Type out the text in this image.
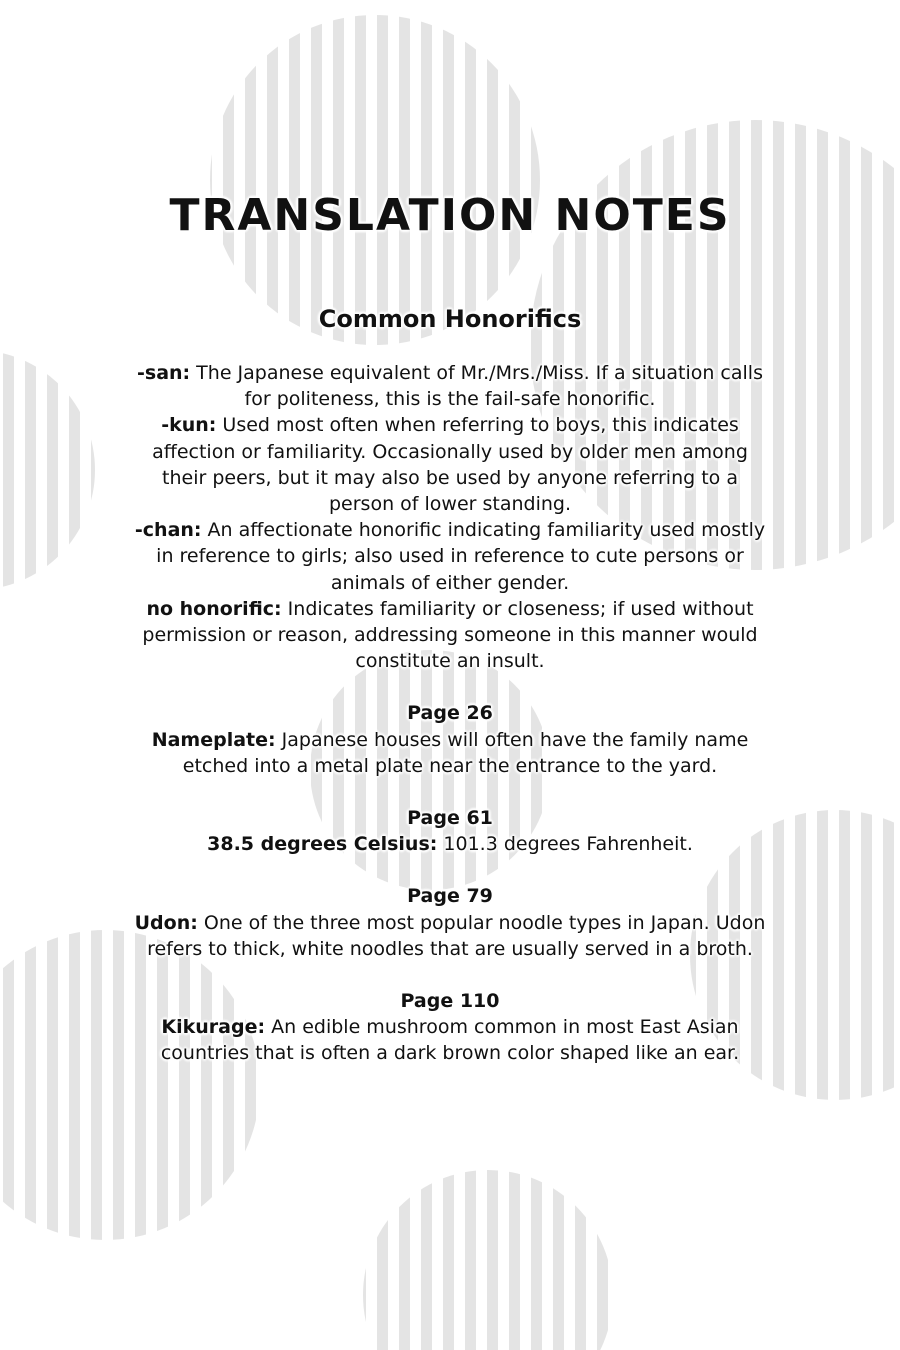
TRANSLATION NOTES
Common Honorifics

-san: The Japanese equivalent of Mr./Mrs./Miss. If a situation calls for politeness, this is the fail-safe honorific.

-kun: Used most often when referring to boys, this indicates affection or familiarity. Occasionally used by older men among their peers, but it may also be used by anyone referring to a person of lower standing.

-chan: An affectionate honorific indicating familiarity used mostly in reference to girls; also used in reference to cute persons or animals of either gender.

no honorific: Indicates familiarity or closeness; if used without permission or reason, addressing someone in this manner would constitute an insult.

Page 26

Nameplate: Japanese houses will often have the family name etched into a metal plate near the entrance to the yard.

Page 61

38.5 degrees Celsius: 101.3 degrees Fahrenheit.

Page 79

Udon: One of the three most popular noodle types in Japan. Udon refers to thick, white noodles that are usually served in a broth.

Page 110

Kikurage: An edible mushroom common in most East Asian countries that is often a dark brown color shaped like an ear.
